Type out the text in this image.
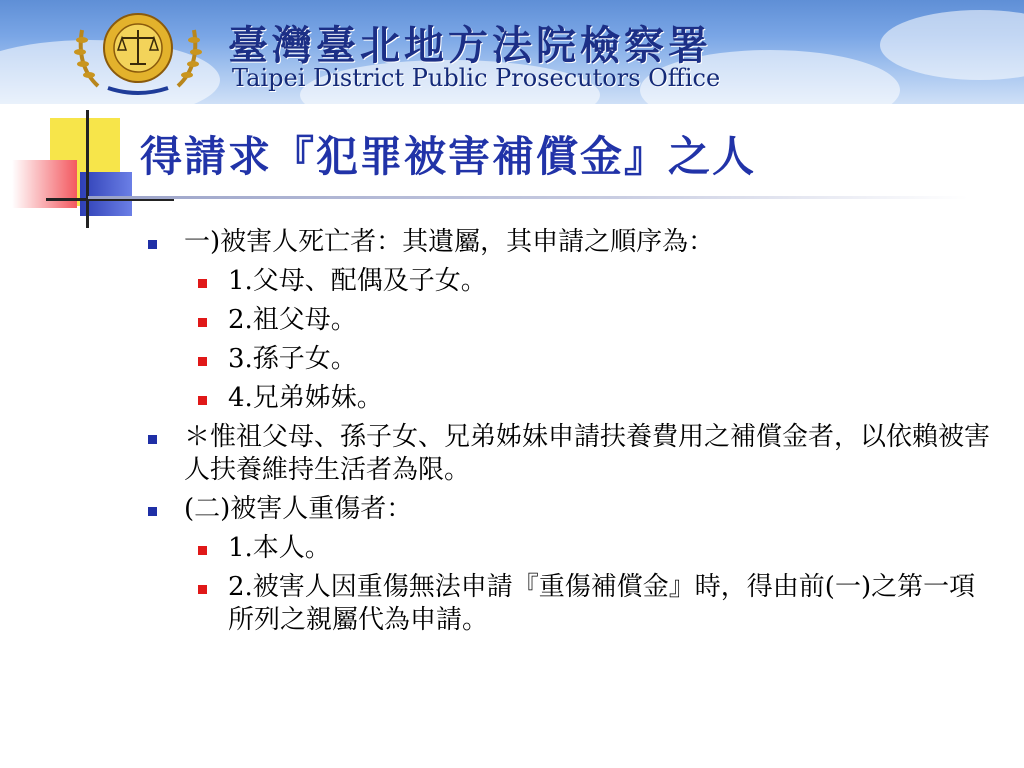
臺灣臺北地方法院檢察署
Taipei District Public Prosecutors Office
得請求『犯罪被害補償金』之人
一)被害人死亡者：其遺屬，其申請之順序為：
1.父母、配偶及子女。
2.祖父母。
3.孫子女。
4.兄弟姊妹。
＊惟祖父母、孫子女、兄弟姊妹申請扶養費用之補償金者，以依賴被害人扶養維持生活者為限。
(二)被害人重傷者：
1.本人。
2.被害人因重傷無法申請『重傷補償金』時，得由前(一)之第一項所列之親屬代為申請。
